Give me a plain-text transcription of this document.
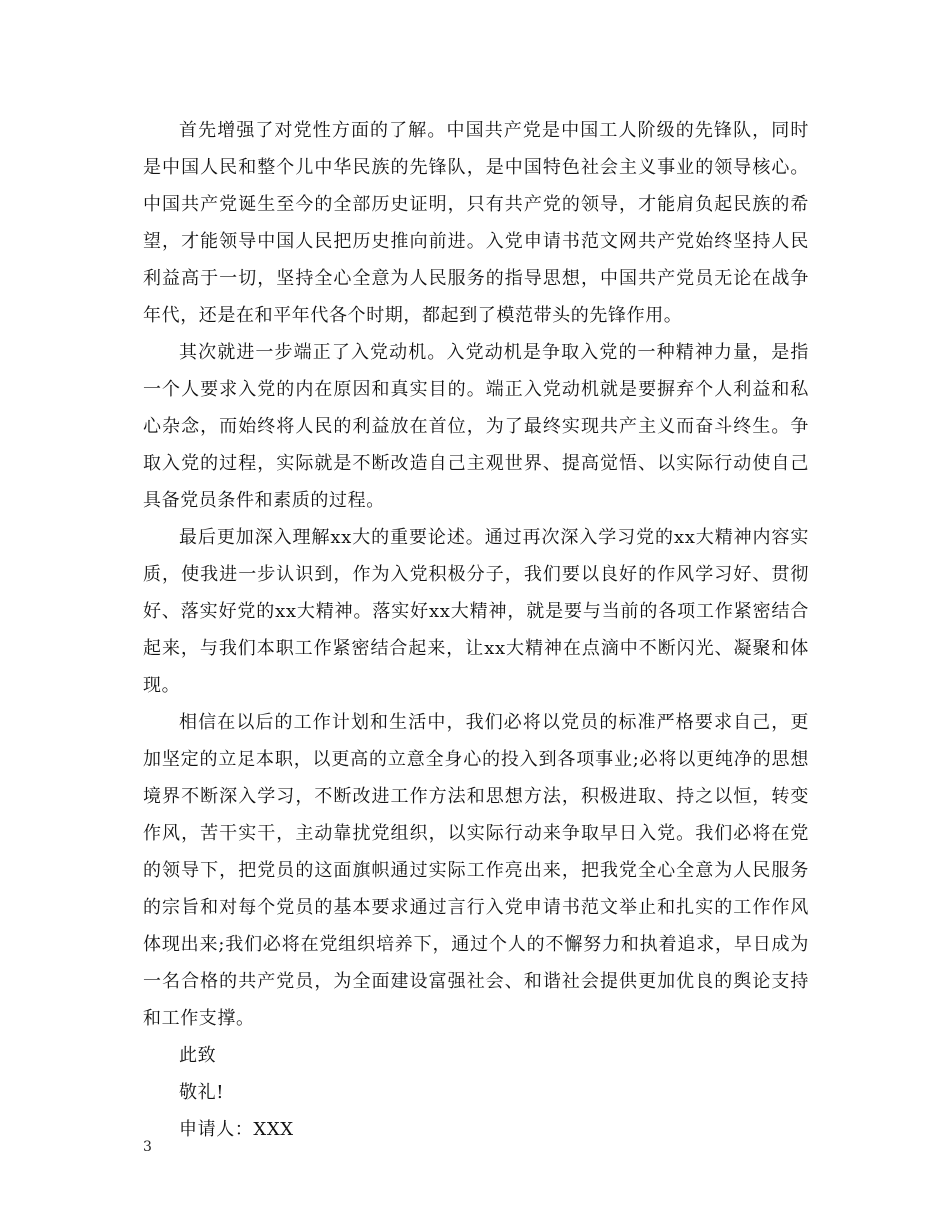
首先增强了对党性方面的了解。中国共产党是中国工人阶级的先锋队，同时是中国人民和整个儿中华民族的先锋队，是中国特色社会主义事业的领导核心。中国共产党诞生至今的全部历史证明，只有共产党的领导，才能肩负起民族的希望，才能领导中国人民把历史推向前进。入党申请书范文网共产党始终坚持人民利益高于一切，坚持全心全意为人民服务的指导思想，中国共产党员无论在战争年代，还是在和平年代各个时期，都起到了模范带头的先锋作用。

其次就进一步端正了入党动机。入党动机是争取入党的一种精神力量，是指一个人要求入党的内在原因和真实目的。端正入党动机就是要摒弃个人利益和私心杂念，而始终将人民的利益放在首位，为了最终实现共产主义而奋斗终生。争取入党的过程，实际就是不断改造自己主观世界、提高觉悟、以实际行动使自己具备党员条件和素质的过程。

最后更加深入理解xx大的重要论述。通过再次深入学习党的xx大精神内容实质，使我进一步认识到，作为入党积极分子，我们要以良好的作风学习好、贯彻好、落实好党的xx大精神。落实好xx大精神，就是要与当前的各项工作紧密结合起来，与我们本职工作紧密结合起来，让xx大精神在点滴中不断闪光、凝聚和体现。

相信在以后的工作计划和生活中，我们必将以党员的标准严格要求自己，更加坚定的立足本职，以更高的立意全身心的投入到各项事业;必将以更纯净的思想境界不断深入学习，不断改进工作方法和思想方法，积极进取、持之以恒，转变作风，苦干实干，主动靠扰党组织，以实际行动来争取早日入党。我们必将在党的领导下，把党员的这面旗帜通过实际工作亮出来，把我党全心全意为人民服务的宗旨和对每个党员的基本要求通过言行入党申请书范文举止和扎实的工作作风体现出来;我们必将在党组织培养下，通过个人的不懈努力和执着追求，早日成为一名合格的共产党员，为全面建设富强社会、和谐社会提供更加优良的舆论支持和工作支撑。

此致

敬礼!

申请人：XXX

3
